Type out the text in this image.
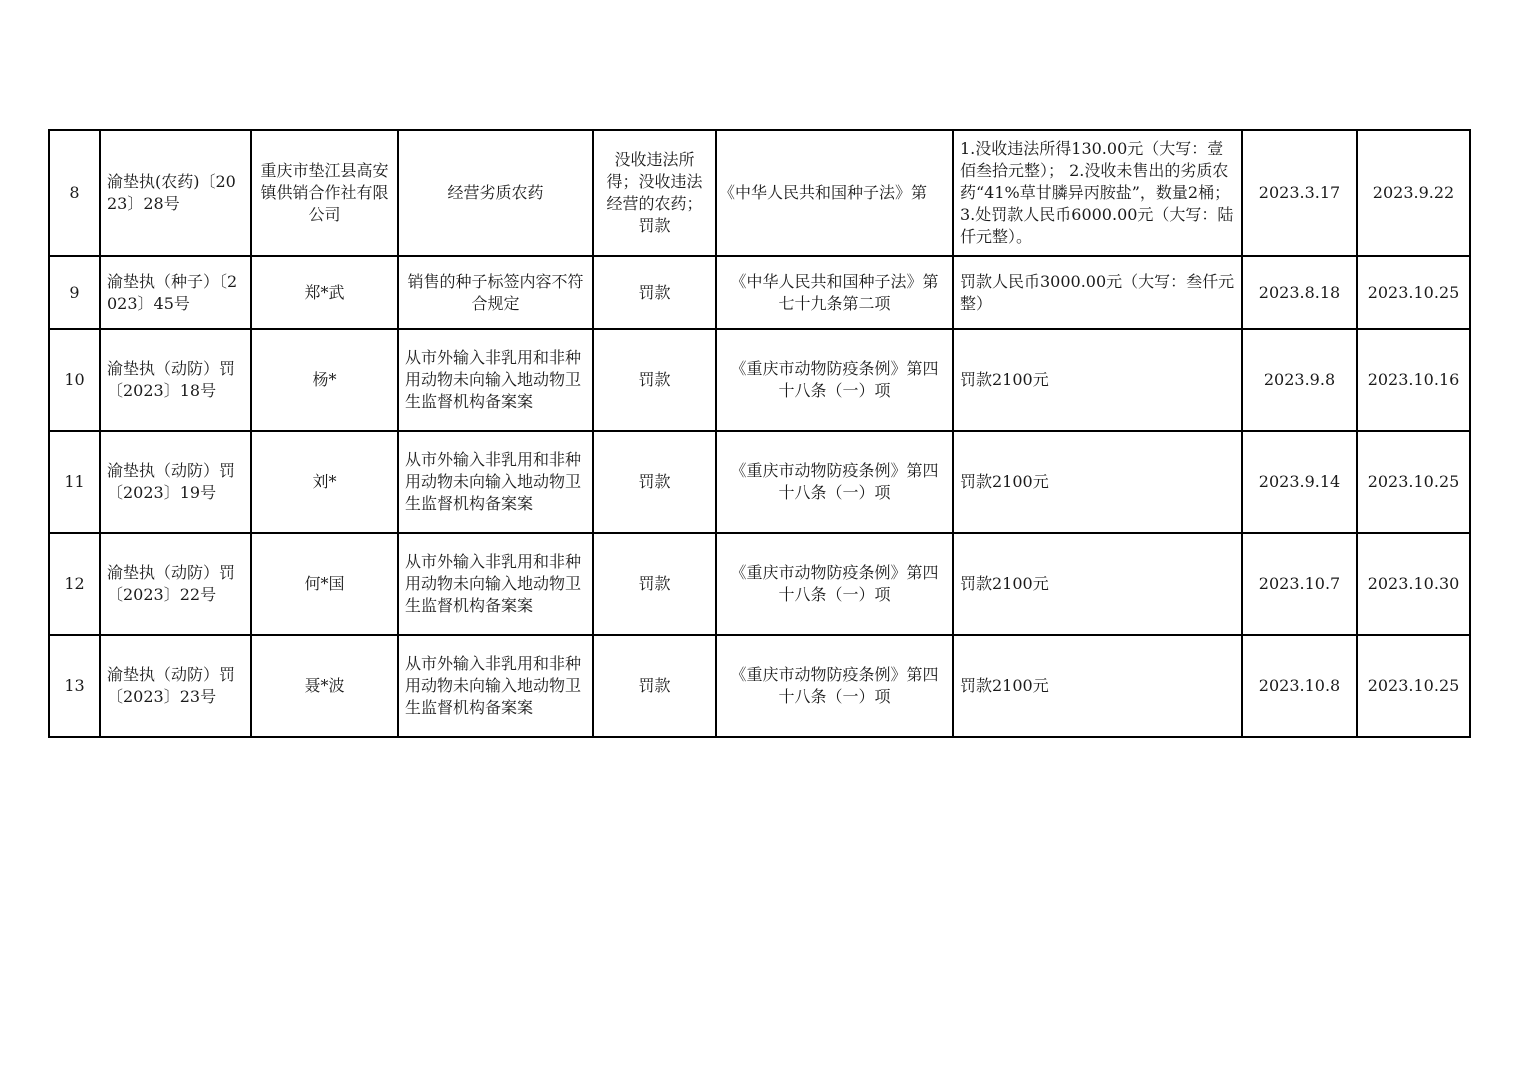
8	渝垫执(农药)〔2023〕28号	重庆市垫江县高安镇供销合作社有限公司	经营劣质农药	没收违法所得；没收违法经营的农药；罚款	《中华人民共和国种子法》第	1.没收违法所得130.00元（大写：壹佰叁拾元整）； 2.没收未售出的劣质农药“41%草甘膦异丙胺盐”，数量2桶； 3.处罚款人民币6000.00元（大写：陆仟元整）。	2023.3.17	2023.9.22
9	渝垫执（种子）〔2023〕45号	郑*武	销售的种子标签内容不符合规定	罚款	《中华人民共和国种子法》第七十九条第二项	罚款人民币3000.00元（大写：叁仟元整）	2023.8.18	2023.10.25
10	渝垫执（动防）罚〔2023〕18号	杨*	从市外输入非乳用和非种用动物未向输入地动物卫生监督机构备案案	罚款	《重庆市动物防疫条例》第四十八条（一）项	罚款2100元	2023.9.8	2023.10.16
11	渝垫执（动防）罚〔2023〕19号	刘*	从市外输入非乳用和非种用动物未向输入地动物卫生监督机构备案案	罚款	《重庆市动物防疫条例》第四十八条（一）项	罚款2100元	2023.9.14	2023.10.25
12	渝垫执（动防）罚〔2023〕22号	何*国	从市外输入非乳用和非种用动物未向输入地动物卫生监督机构备案案	罚款	《重庆市动物防疫条例》第四十八条（一）项	罚款2100元	2023.10.7	2023.10.30
13	渝垫执（动防）罚〔2023〕23号	聂*波	从市外输入非乳用和非种用动物未向输入地动物卫生监督机构备案案	罚款	《重庆市动物防疫条例》第四十八条（一）项	罚款2100元	2023.10.8	2023.10.25
